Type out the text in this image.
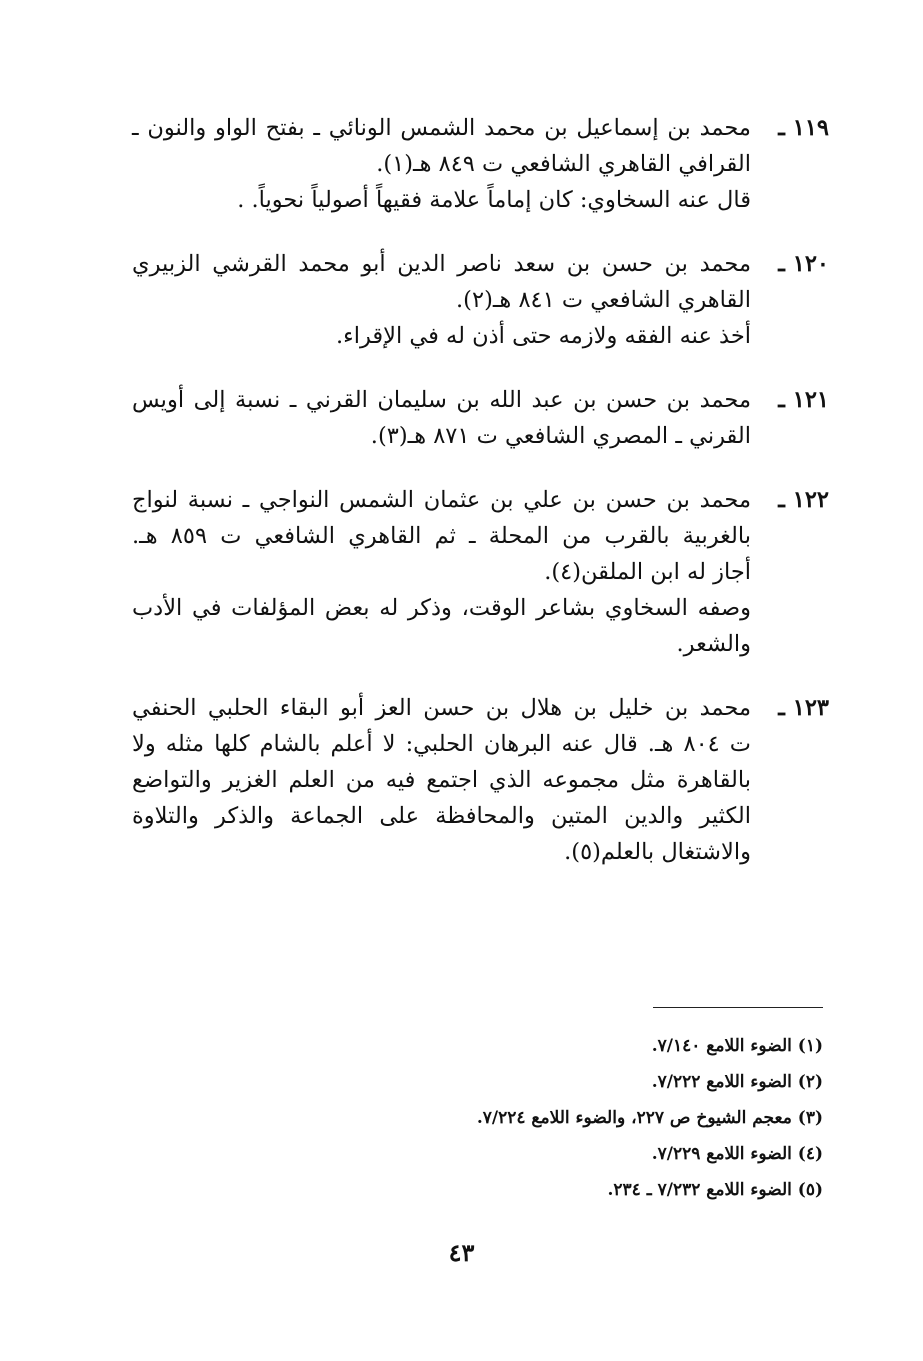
١١٩ ـ
محمد بن إسماعيل بن محمد الشمس الونائي ـ بفتح الواو والنون ـ
القرافي القاهري الشافعي ت ٨٤٩ هـ(١).
قال عنه السخاوي: كان إماماً علامة فقيهاً أصولياً نحوياً. .
١٢٠ ـ
محمد بن حسن بن سعد ناصر الدين أبو محمد القرشي الزبيري
القاهري الشافعي ت ٨٤١ هـ(٢).
أخذ عنه الفقه ولازمه حتى أذن له في الإقراء.
١٢١ ـ
محمد بن حسن بن عبد الله بن سليمان القرني ـ نسبة إلى أويس
القرني ـ المصري الشافعي ت ٨٧١ هـ(٣).
١٢٢ ـ
محمد بن حسن بن علي بن عثمان الشمس النواجي ـ نسبة لنواج
بالغربية بالقرب من المحلة ـ ثم القاهري الشافعي ت ٨٥٩ هـ.
أجاز له ابن الملقن(٤).
وصفه السخاوي بشاعر الوقت، وذكر له بعض المؤلفات في الأدب
والشعر.
١٢٣ ـ
محمد بن خليل بن هلال بن حسن العز أبو البقاء الحلبي الحنفي
ت ٨٠٤ هـ. قال عنه البرهان الحلبي: لا أعلم بالشام كلها مثله ولا
بالقاهرة مثل مجموعه الذي اجتمع فيه من العلم الغزير والتواضع
الكثير والدين المتين والمحافظة على الجماعة والذكر والتلاوة
والاشتغال بالعلم(٥).
(١) الضوء اللامع ٧/١٤٠.
(٢) الضوء اللامع ٧/٢٢٢.
(٣) معجم الشيوخ ص ٢٢٧، والضوء اللامع ٧/٢٢٤.
(٤) الضوء اللامع ٧/٢٢٩.
(٥) الضوء اللامع ٧/٢٣٢ ـ ٢٣٤.
٤٣
